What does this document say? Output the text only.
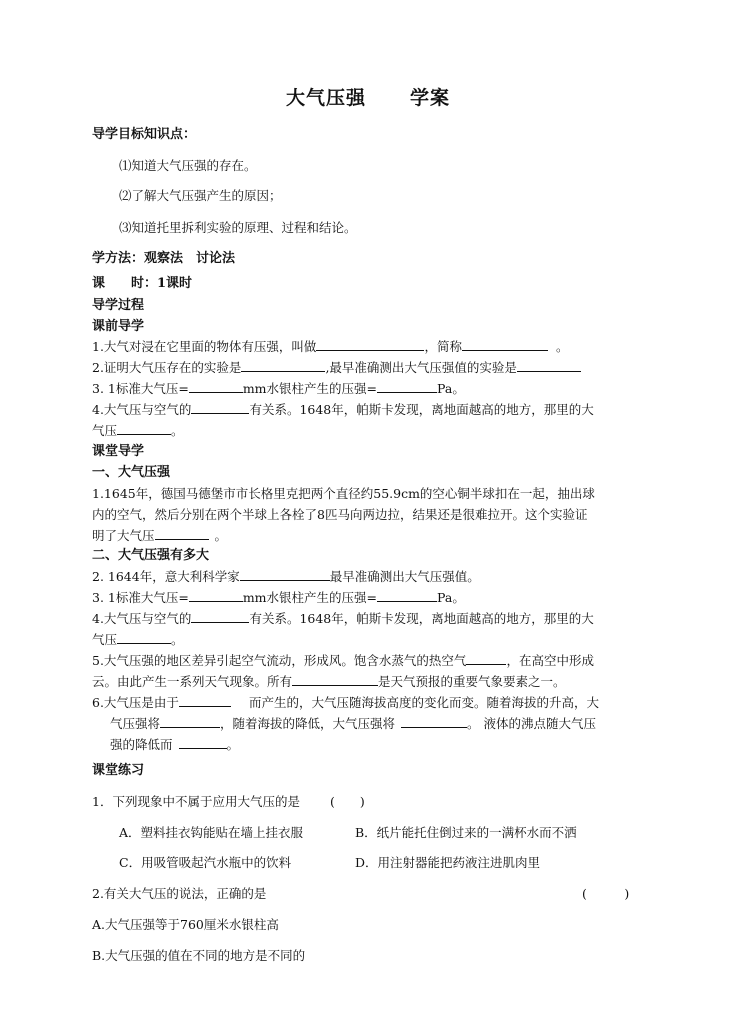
大气压强 学案
导学目标知识点：
⑴知道大气压强的存在。
⑵了解大气压强产生的原因；
⑶知道托里拆利实验的原理、过程和结论。
学方法：观察法　讨论法
课 时：1课时
导学过程
课前导学
1.大气对浸在它里面的物体有压强，叫做	，简称	。
2.证明大气压存在的实验是	,最早准确测出大气压强值的实验是
3. 1标准大气压=	mm水银柱产生的压强=	Pa。
4.大气压与空气的	有关系。1648年，帕斯卡发现，离地面越高的地方，那里的大
气压	。
课堂导学
一、大气压强
1.1645年，德国马德堡市市长格里克把两个直径约55.9cm的空心铜半球扣在一起，抽出球
内的空气，然后分别在两个半球上各栓了8匹马向两边拉，结果还是很难拉开。这个实验证
明了大气压	。
二、大气压强有多大
2. 1644年，意大利科学家	最早准确测出大气压强值。
3. 1标准大气压=	mm水银柱产生的压强=	Pa。
4.大气压与空气的	有关系。1648年，帕斯卡发现，离地面越高的地方，那里的大
气压	。
5.大气压强的地区差异引起空气流动，形成风。饱含水蒸气的热空气	，在高空中形成
云。由此产生一系列天气现象。所有	是天气预报的重要气象要素之一。
6.大气压是由于	而产生的，大气压随海拔高度的变化而变。随着海拔的升高，大
气压强将	，随着海拔的降低，大气压强将	。 液体的沸点随大气压
强的降低而	。
课堂练习
1．下列现象中不属于应用大气压的是 (　　)
A．塑料挂衣钩能贴在墙上挂衣服	B．纸片能托住倒过来的一满杯水而不洒
C．用吸管吸起汽水瓶中的饮料	D．用注射器能把药液注进肌肉里
2.有关大气压的说法，正确的是	(　　　)
A.大气压强等于760厘米水银柱高
B.大气压强的值在不同的地方是不同的
